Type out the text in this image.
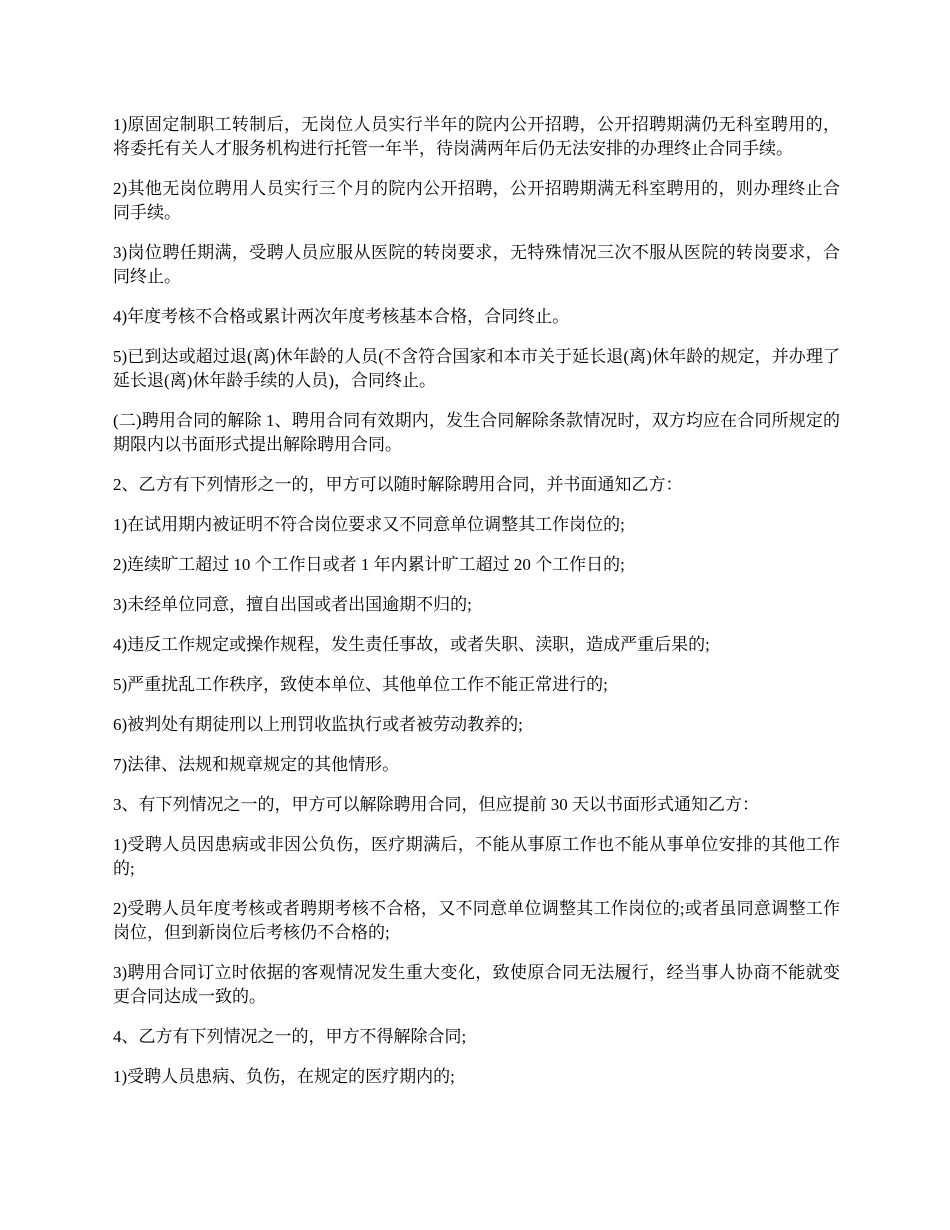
1)原固定制职工转制后，无岗位人员实行半年的院内公开招聘，公开招聘期满仍无科室聘用的，将委托有关人才服务机构进行托管一年半，待岗满两年后仍无法安排的办理终止合同手续。

2)其他无岗位聘用人员实行三个月的院内公开招聘，公开招聘期满无科室聘用的，则办理终止合同手续。

3)岗位聘任期满，受聘人员应服从医院的转岗要求，无特殊情况三次不服从医院的转岗要求，合同终止。

4)年度考核不合格或累计两次年度考核基本合格，合同终止。

5)已到达或超过退(离)休年龄的人员(不含符合国家和本市关于延长退(离)休年龄的规定，并办理了延长退(离)休年龄手续的人员)，合同终止。

(二)聘用合同的解除 1、聘用合同有效期内，发生合同解除条款情况时，双方均应在合同所规定的期限内以书面形式提出解除聘用合同。

2、乙方有下列情形之一的，甲方可以随时解除聘用合同，并书面通知乙方：

1)在试用期内被证明不符合岗位要求又不同意单位调整其工作岗位的;

2)连续旷工超过 10 个工作日或者 1 年内累计旷工超过 20 个工作日的;

3)未经单位同意，擅自出国或者出国逾期不归的;

4)违反工作规定或操作规程，发生责任事故，或者失职、渎职，造成严重后果的;

5)严重扰乱工作秩序，致使本单位、其他单位工作不能正常进行的;

6)被判处有期徒刑以上刑罚收监执行或者被劳动教养的;

7)法律、法规和规章规定的其他情形。

3、有下列情况之一的，甲方可以解除聘用合同，但应提前 30 天以书面形式通知乙方：

1)受聘人员因患病或非因公负伤，医疗期满后，不能从事原工作也不能从事单位安排的其他工作的;

2)受聘人员年度考核或者聘期考核不合格，又不同意单位调整其工作岗位的;或者虽同意调整工作岗位，但到新岗位后考核仍不合格的;

3)聘用合同订立时依据的客观情况发生重大变化，致使原合同无法履行，经当事人协商不能就变更合同达成一致的。

4、乙方有下列情况之一的，甲方不得解除合同;

1)受聘人员患病、负伤，在规定的医疗期内的;
